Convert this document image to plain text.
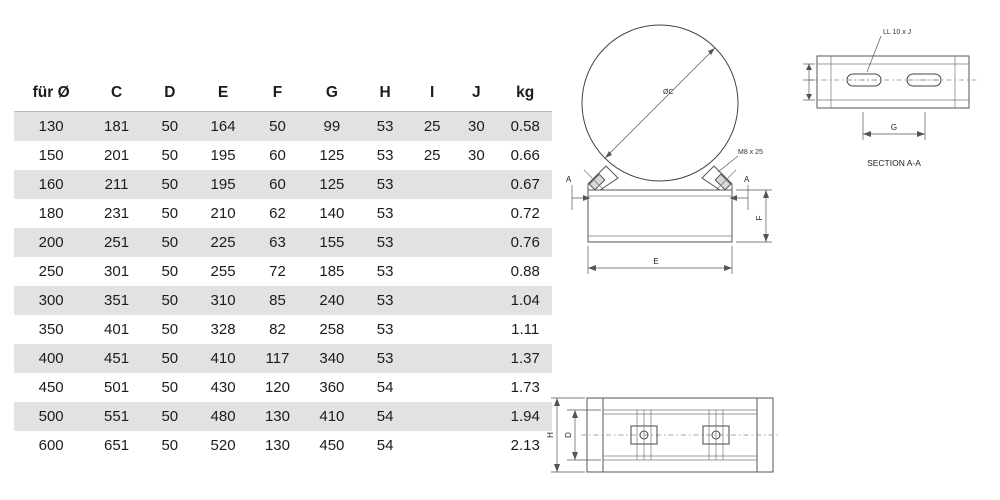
für Ø	C	D	E	F	G	H	I	J	kg
130	181	50	164	50	99	53	25	30	0.58
150	201	50	195	60	125	53	25	30	0.66
160	211	50	195	60	125	53			0.67
180	231	50	210	62	140	53			0.72
200	251	50	225	63	155	53			0.76
250	301	50	255	72	185	53			0.88
300	351	50	310	85	240	53			1.04
350	401	50	328	82	258	53			1.11
400	451	50	410	117	340	53			1.37
450	501	50	430	120	360	54			1.73
500	551	50	480	130	410	54			1.94
600	651	50	520	130	450	54			2.13
ØC
M8 x 25
A	A
E
F
LL 10 x J
G
SECTION A-A
H D
